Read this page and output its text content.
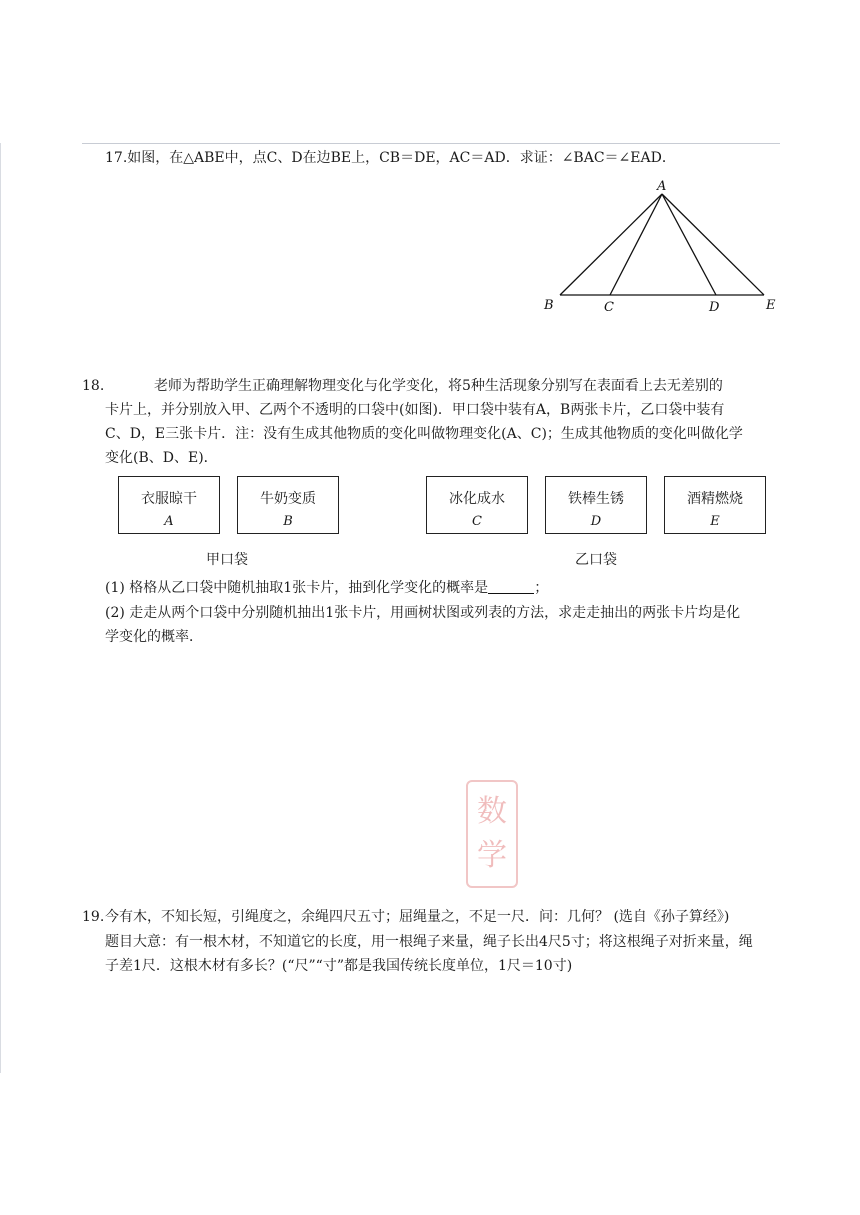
17.如图，在△ABE中，点C、D在边BE上，CB＝DE，AC＝AD．求证：∠BAC＝∠EAD．
A
B	C	D	E
18.	老师为帮助学生正确理解物理变化与化学变化，将5种生活现象分别写在表面看上去无差别的
卡片上，并分别放入甲、乙两个不透明的口袋中(如图)．甲口袋中装有A，B两张卡片，乙口袋中装有
C、D，E三张卡片．注：没有生成其他物质的变化叫做物理变化(A、C)；生成其他物质的变化叫做化学
变化(B、D、E)．
衣服晾干
A
牛奶变质
B
冰化成水
C
铁棒生锈
D
酒精燃烧
E
甲口袋	乙口袋
(1) 格格从乙口袋中随机抽取1张卡片，抽到化学变化的概率是	；
(2) 走走从两个口袋中分别随机抽出1张卡片，用画树状图或列表的方法，求走走抽出的两张卡片均是化
学变化的概率．
数
学
19. 今有木，不知长短，引绳度之，余绳四尺五寸；屈绳量之，不足一尺．问：几何？ (选自《孙子算经》)
题目大意：有一根木材，不知道它的长度，用一根绳子来量，绳子长出4尺5寸；将这根绳子对折来量，绳
子差1尺．这根木材有多长？(“尺”“寸”都是我国传统长度单位，1尺＝10寸)
